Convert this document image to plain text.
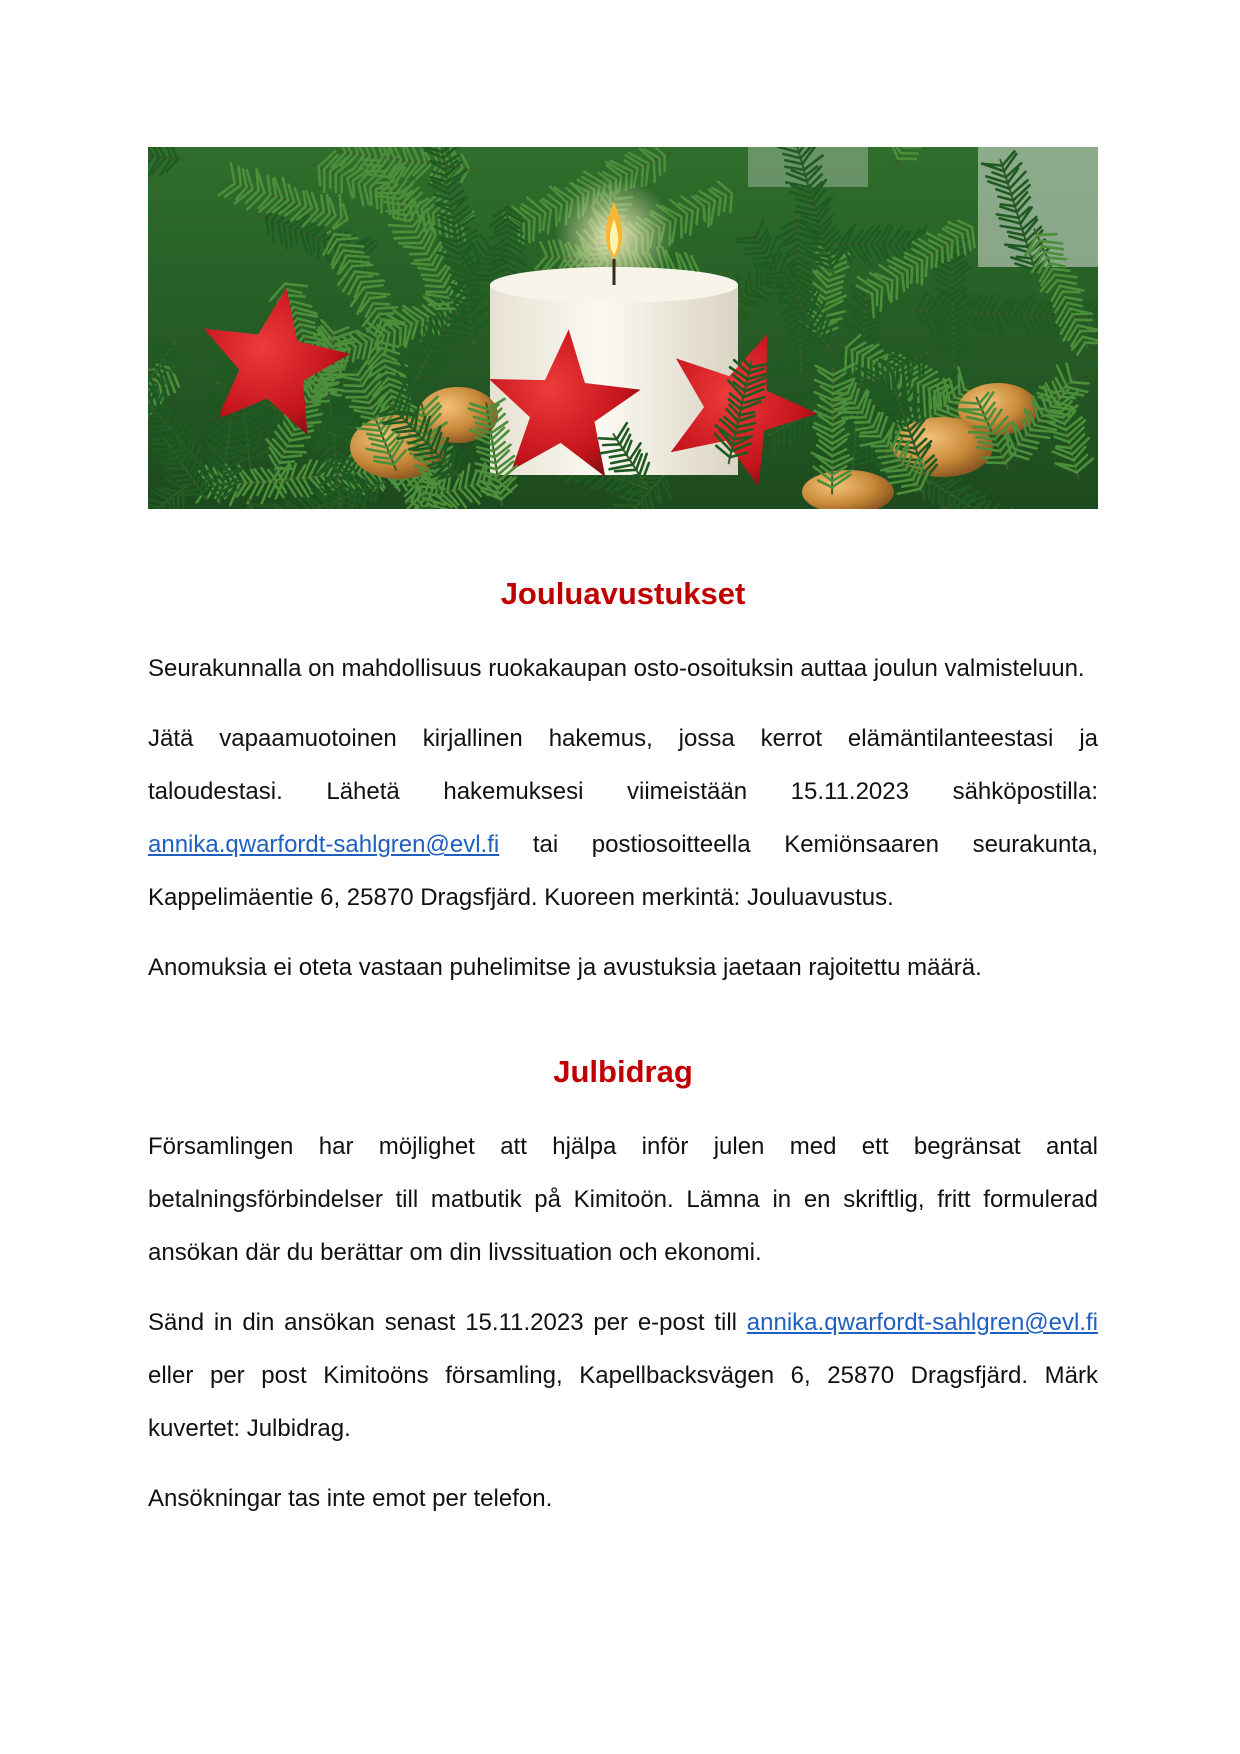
Jouluavustukset

Seurakunnalla on mahdollisuus ruokakaupan osto-osoituksin auttaa joulun valmisteluun.

Jätä vapaamuotoinen kirjallinen hakemus, jossa kerrot elämäntilanteestasi ja taloudestasi. Lähetä hakemuksesi viimeistään 15.11.2023 sähköpostilla: annika.qwarfordt-sahlgren@evl.fi tai postiosoitteella Kemiönsaaren seurakunta, Kappelimäentie 6, 25870 Dragsfjärd. Kuoreen merkintä: Jouluavustus.

Anomuksia ei oteta vastaan puhelimitse ja avustuksia jaetaan rajoitettu määrä.

Julbidrag

Församlingen har möjlighet att hjälpa inför julen med ett begränsat antal betalningsförbindelser till matbutik på Kimitoön. Lämna in en skriftlig, fritt formulerad ansökan där du berättar om din livssituation och ekonomi.

Sänd in din ansökan senast 15.11.2023 per e-post till annika.qwarfordt-sahlgren@evl.fi eller per post Kimitoöns församling, Kapellbacksvägen 6, 25870 Dragsfjärd. Märk kuvertet: Julbidrag.

Ansökningar tas inte emot per telefon.
